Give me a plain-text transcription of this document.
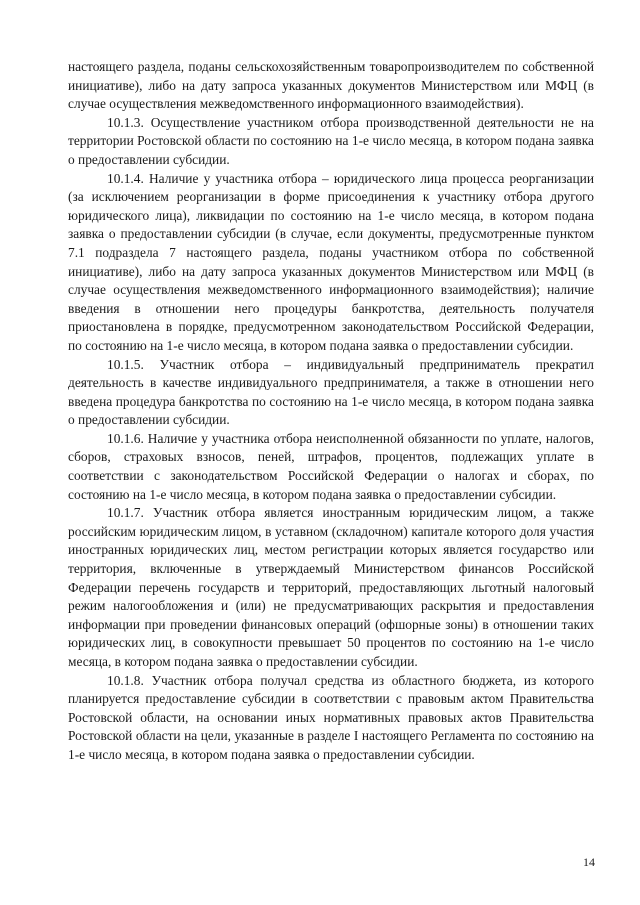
настоящего раздела, поданы сельскохозяйственным товаропроизводителем по собственной инициативе), либо на дату запроса указанных документов Министерством или МФЦ (в случае осуществления межведомственного информационного взаимодействия).

10.1.3. Осуществление участником отбора производственной деятельности не на территории Ростовской области по состоянию на 1-е число месяца, в котором подана заявка о предоставлении субсидии.

10.1.4. Наличие у участника отбора – юридического лица процесса реорганизации (за исключением реорганизации в форме присоединения к участнику отбора другого юридического лица), ликвидации по состоянию на 1-е число месяца, в котором подана заявка о предоставлении субсидии (в случае, если документы, предусмотренные пунктом 7.1 подраздела 7 настоящего раздела, поданы участником отбора по собственной инициативе), либо на дату запроса указанных документов Министерством или МФЦ (в случае осуществления межведомственного информационного взаимодействия); наличие введения в отношении него процедуры банкротства, деятельность получателя приостановлена в порядке, предусмотренном законодательством Российской Федерации, по состоянию на 1-е число месяца, в котором подана заявка о предоставлении субсидии.

10.1.5. Участник отбора – индивидуальный предприниматель прекратил деятельность в качестве индивидуального предпринимателя, а также в отношении него введена процедура банкротства по состоянию на 1-е число месяца, в котором подана заявка о предоставлении субсидии.

10.1.6. Наличие у участника отбора неисполненной обязанности по уплате, налогов, сборов, страховых взносов, пеней, штрафов, процентов, подлежащих уплате в соответствии с законодательством Российской Федерации о налогах и сборах, по состоянию на 1-е число месяца, в котором подана заявка о предоставлении субсидии.

10.1.7. Участник отбора является иностранным юридическим лицом, а также российским юридическим лицом, в уставном (складочном) капитале которого доля участия иностранных юридических лиц, местом регистрации которых является государство или территория, включенные в утверждаемый Министерством финансов Российской Федерации перечень государств и территорий, предоставляющих льготный налоговый режим налогообложения и (или) не предусматривающих раскрытия и предоставления информации при проведении финансовых операций (офшорные зоны) в отношении таких юридических лиц, в совокупности превышает 50 процентов по состоянию на 1-е число месяца, в котором подана заявка о предоставлении субсидии.

10.1.8. Участник отбора получал средства из областного бюджета, из которого планируется предоставление субсидии в соответствии с правовым актом Правительства Ростовской области, на основании иных нормативных правовых актов Правительства Ростовской области на цели, указанные в разделе I настоящего Регламента по состоянию на 1-е число месяца, в котором подана заявка о предоставлении субсидии.

14
